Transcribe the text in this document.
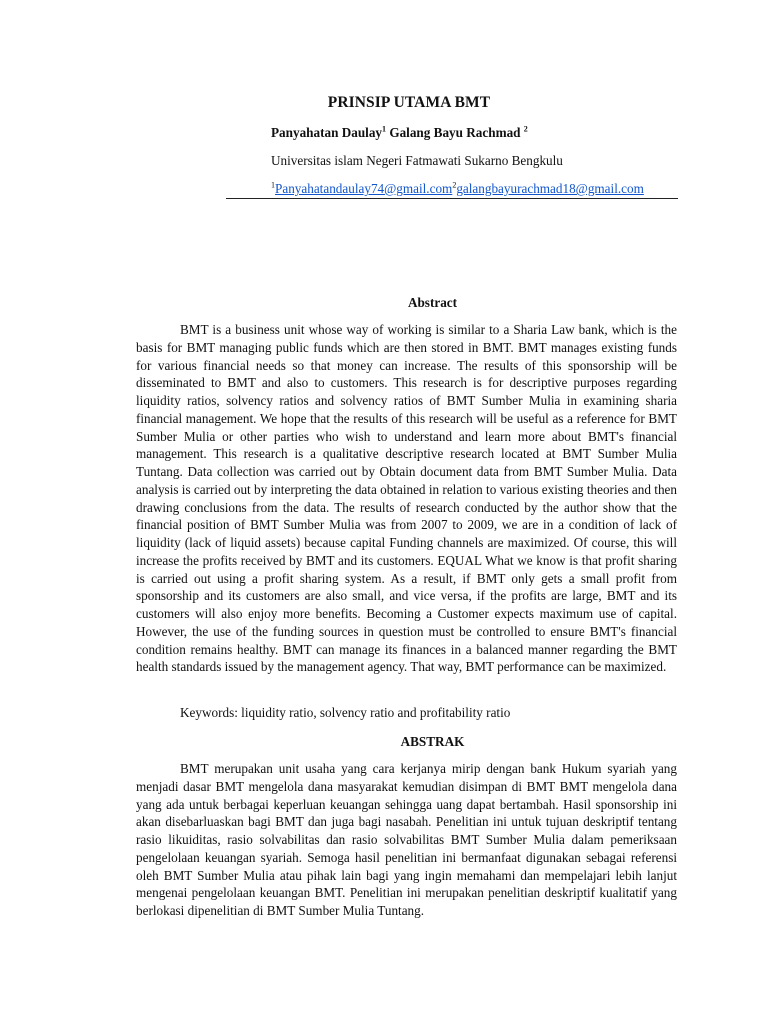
PRINSIP UTAMA BMT
Panyahatan Daulay$^1$ Galang Bayu Rachmad $^2$
Universitas islam Negeri Fatmawati Sukarno Bengkulu
$^1$Panyahatandaulay74@gmail.com$^2$galangbayurachmad18@gmail.com
Abstract

BMT is a business unit whose way of working is similar to a Sharia Law bank, which is the basis for BMT managing public funds which are then stored in BMT. BMT manages existing funds for various financial needs so that money can increase. The results of this sponsorship will be disseminated to BMT and also to customers. This research is for descriptive purposes regarding liquidity ratios, solvency ratios and solvency ratios of BMT Sumber Mulia in examining sharia financial management. We hope that the results of this research will be useful as a reference for BMT Sumber Mulia or other parties who wish to understand and learn more about BMT's financial management. This research is a qualitative descriptive research located at BMT Sumber Mulia Tuntang. Data collection was carried out by Obtain document data from BMT Sumber Mulia. Data analysis is carried out by interpreting the data obtained in relation to various existing theories and then drawing conclusions from the data. The results of research conducted by the author show that the financial position of BMT Sumber Mulia was from 2007 to 2009, we are in a condition of lack of liquidity (lack of liquid assets) because capital Funding channels are maximized. Of course, this will increase the profits received by BMT and its customers. EQUAL What we know is that profit sharing is carried out using a profit sharing system. As a result, if BMT only gets a small profit from sponsorship and its customers are also small, and vice versa, if the profits are large, BMT and its customers will also enjoy more benefits. Becoming a Customer expects maximum use of capital. However, the use of the funding sources in question must be controlled to ensure BMT's financial condition remains healthy. BMT can manage its finances in a balanced manner regarding the BMT health standards issued by the management agency. That way, BMT performance can be maximized.

Keywords: liquidity ratio, solvency ratio and profitability ratio
ABSTRAK

BMT merupakan unit usaha yang cara kerjanya mirip dengan bank Hukum syariah yang menjadi dasar BMT mengelola dana masyarakat kemudian disimpan di BMT BMT mengelola dana yang ada untuk berbagai keperluan keuangan sehingga uang dapat bertambah. Hasil sponsorship ini akan disebarluaskan bagi BMT dan juga bagi nasabah. Penelitian ini untuk tujuan deskriptif tentang rasio likuiditas, rasio solvabilitas dan rasio solvabilitas BMT Sumber Mulia dalam pemeriksaan pengelolaan keuangan syariah. Semoga hasil penelitian ini bermanfaat digunakan sebagai referensi oleh BMT Sumber Mulia atau pihak lain bagi yang ingin memahami dan mempelajari lebih lanjut mengenai pengelolaan keuangan BMT. Penelitian ini merupakan penelitian deskriptif kualitatif yang berlokasi dipenelitian di BMT Sumber Mulia Tuntang.
